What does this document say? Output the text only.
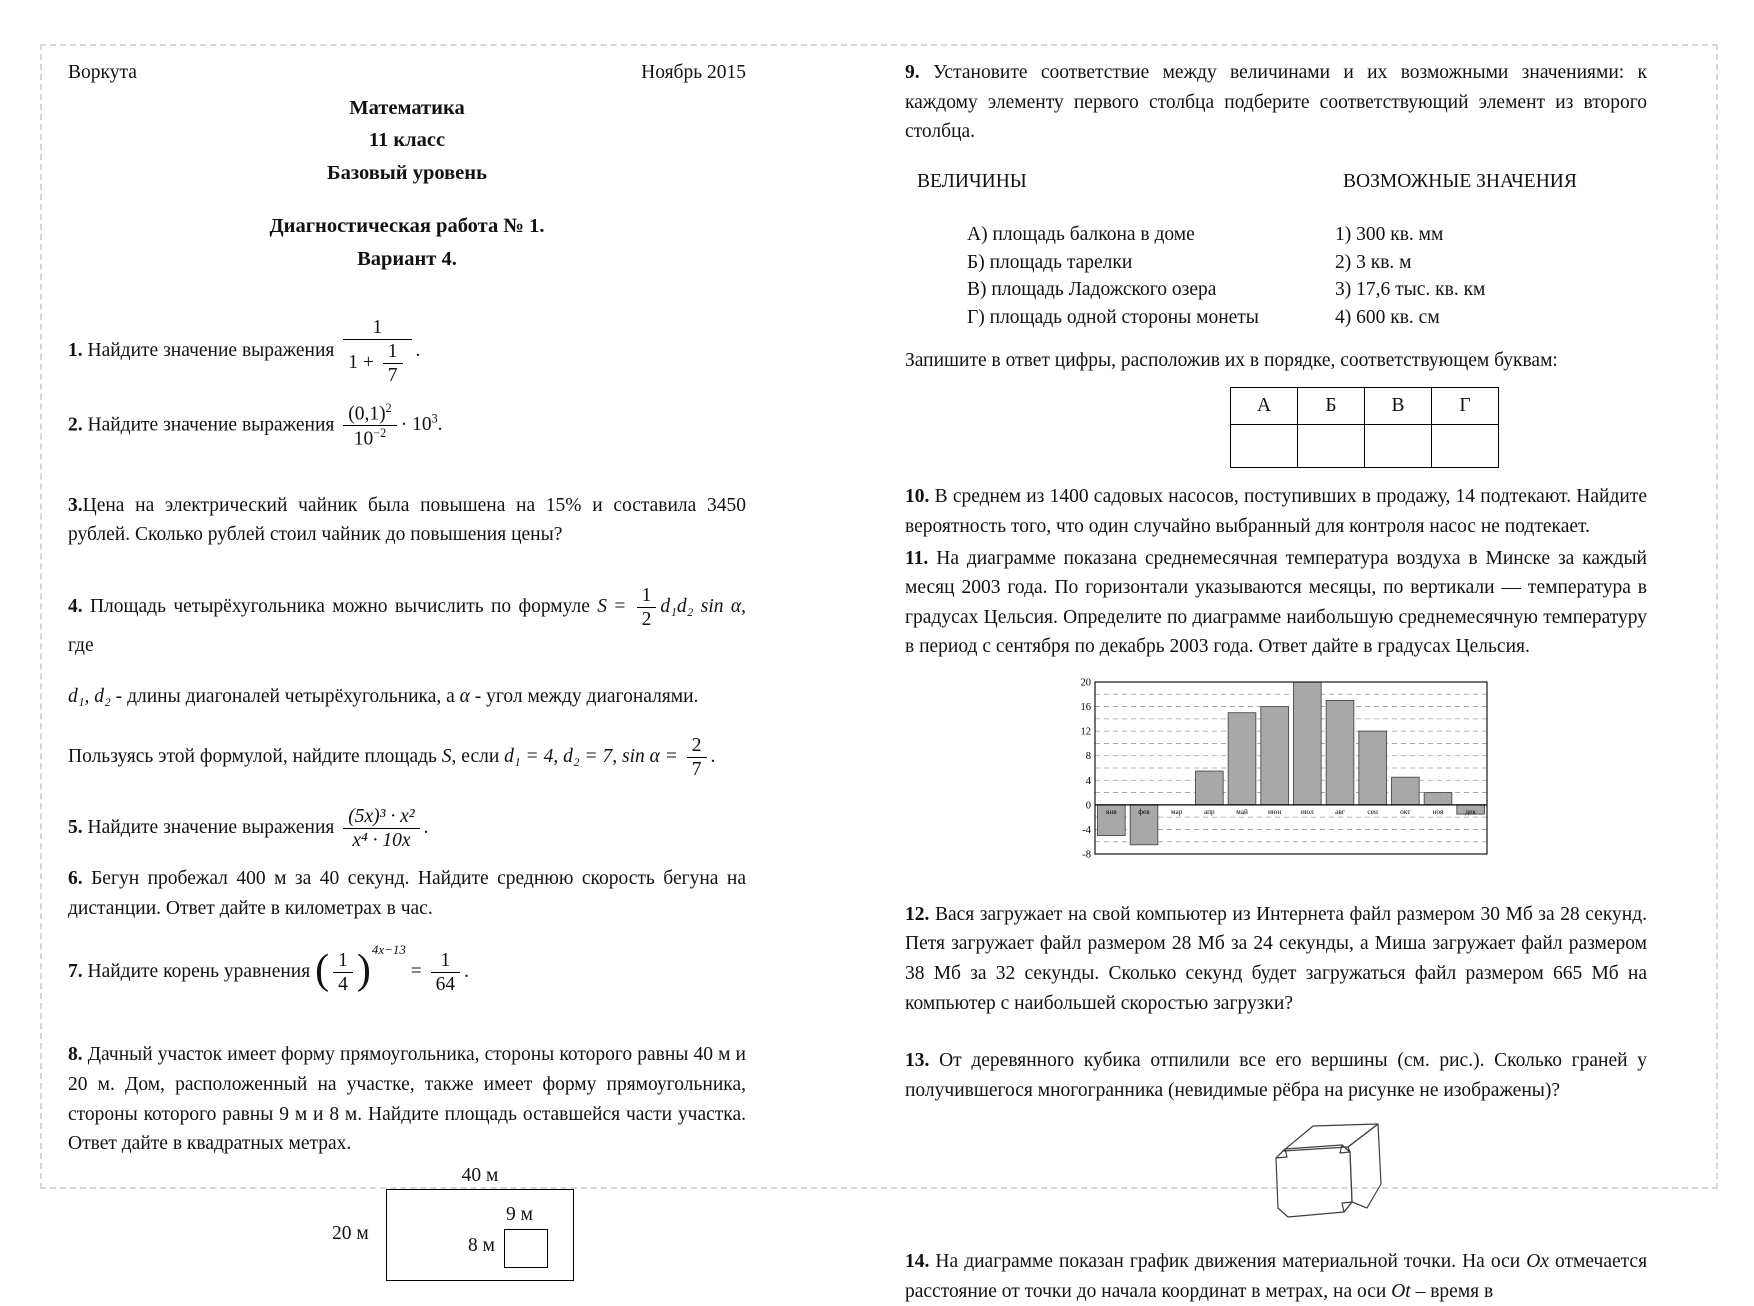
Воркута	Ноябрь 2015
Математика
11 класс
Базовый уровень
Диагностическая работа № 1.
Вариант 4.
1. Найдите значение выражения $\frac{1}{1 + \frac{1}{7}}$ .
2. Найдите значение выражения $\frac{(0,1)^2}{10^{-2}} \cdot 10^3$.
3.Цена на электрический чайник была повышена на 15% и составила 3450 рублей. Сколько рублей стоил чайник до повышения цены?
4. Площадь четырёхугольника можно вычислить по формуле $S = \frac{1}{2} d_1d_2$ sin α, где
d₁, d₂ - длины диагоналей четырёхугольника, а α - угол между диагоналями.
Пользуясь этой формулой, найдите площадь S, если d₁ = 4, d₂ = 7, $\sin \alpha = \frac{2}{7}$ .
5. Найдите значение выражения $\frac{\text{(5x)³ · x²}}{\text{x⁴ · 10x}}$ .
6. Бегун пробежал 400 м за 40 секунд. Найдите среднюю скорость бегуна на дистанции. Ответ дайте в километрах в час.
7. Найдите корень уравнения ( $\frac{1}{4} )^{4x-13} = \frac{1}{64}$ .
8. Дачный участок имеет форму прямоугольника, стороны которого равны 40 м и 20 м. Дом, расположенный на участке, также имеет форму прямоугольника, стороны которого равны 9 м и 8 м. Найдите площадь оставшейся части участка. Ответ дайте в квадратных метрах.
40 м
20 м
9 м
8 м
9. Установите соответствие между величинами и их возможными значениями: к каждому элементу первого столбца подберите соответствующий элемент из второго столбца.
ВЕЛИЧИНЫ	ВОЗМОЖНЫЕ ЗНАЧЕНИЯ
А) площадь балкона в доме	1) 300 кв. мм
Б) площадь тарелки	2) 3 кв. м
В) площадь Ладожского озера	3) 17,6 тыс. кв. км
Г) площадь одной стороны монеты	4) 600 кв. см
Запишите в ответ цифры, расположив их в порядке, соответствующем буквам:
А	Б	В	Г

10. В среднем из 1400 садовых насосов, поступивших в продажу, 14 подтекают. Найдите вероятность того, что один случайно выбранный для контроля насос не подтекает.
11. На диаграмме показана среднемесячная температура воздуха в Минске за каждый месяц 2003 года. По горизонтали указываются месяцы, по вертикали — температура в градусах Цельсия. Определите по диаграмме наибольшую среднемесячную температуру в период с сентября по декабрь 2003 года. Ответ дайте в градусах Цельсия.
-8
-4
0
4
8
12
16
20
янв	фев	мар	апр	май	июн	июл	авг	сен	окт	ноя	дек
12. Вася загружает на свой компьютер из Интернета файл размером 30 Мб за 28 секунд. Петя загружает файл размером 28 Мб за 24 секунды, а Миша загружает файл размером 38 Мб за 32 секунды. Сколько секунд будет загружаться файл размером 665 Мб на компьютер с наибольшей скоростью загрузки?
13. От деревянного кубика отпилили все его вершины (см. рис.). Сколько граней у получившегося многогранника (невидимые рёбра на рисунке не изображены)?
14. На диаграмме показан график движения материальной точки. На оси Ox отмечается расстояние от точки до начала координат в метрах, на оси Ot – время в
